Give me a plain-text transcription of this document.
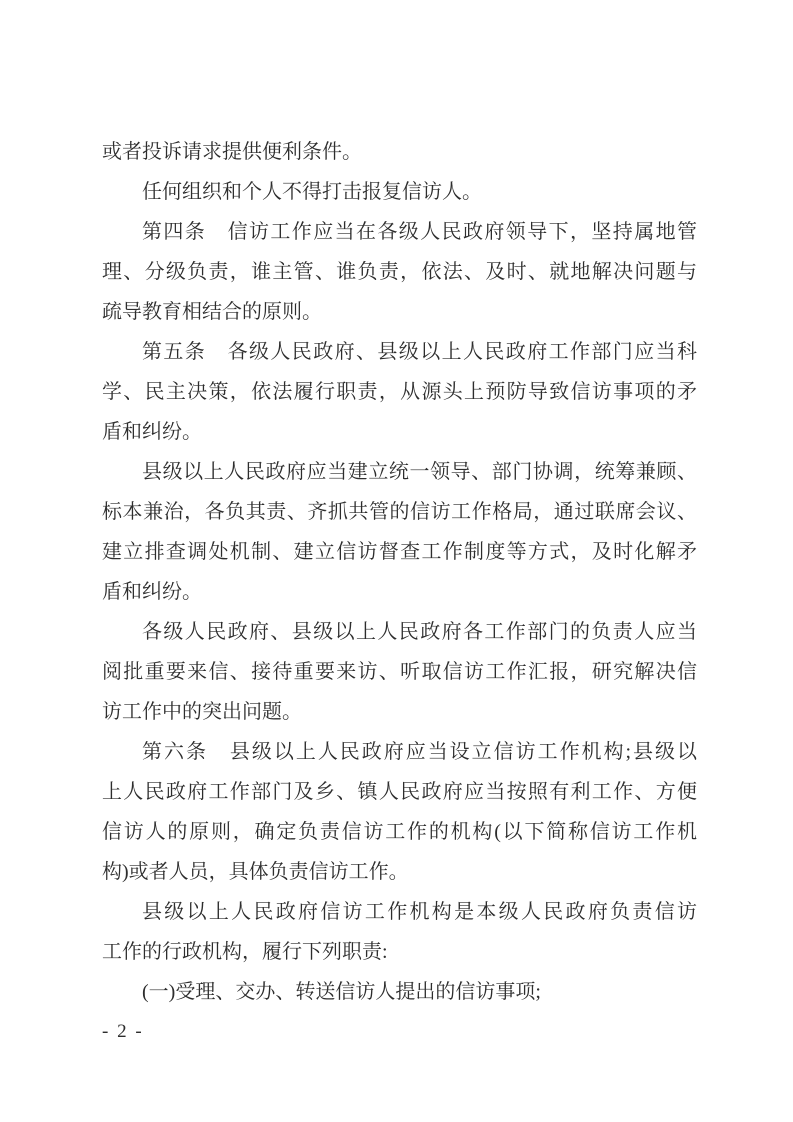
或者投诉请求提供便利条件。
任何组织和个人不得打击报复信访人。
第四条　信访工作应当在各级人民政府领导下，坚持属地管
理、分级负责，谁主管、谁负责，依法、及时、就地解决问题与
疏导教育相结合的原则。
第五条　各级人民政府、县级以上人民政府工作部门应当科
学、民主决策，依法履行职责，从源头上预防导致信访事项的矛
盾和纠纷。
县级以上人民政府应当建立统一领导、部门协调，统筹兼顾、
标本兼治，各负其责、齐抓共管的信访工作格局，通过联席会议、
建立排查调处机制、建立信访督查工作制度等方式，及时化解矛
盾和纠纷。
各级人民政府、县级以上人民政府各工作部门的负责人应当
阅批重要来信、接待重要来访、听取信访工作汇报，研究解决信
访工作中的突出问题。
第六条　县级以上人民政府应当设立信访工作机构;县级以
上人民政府工作部门及乡、镇人民政府应当按照有利工作、方便
信访人的原则，确定负责信访工作的机构(以下简称信访工作机
构)或者人员，具体负责信访工作。
县级以上人民政府信访工作机构是本级人民政府负责信访
工作的行政机构，履行下列职责:
(一)受理、交办、转送信访人提出的信访事项;
- 2 -
